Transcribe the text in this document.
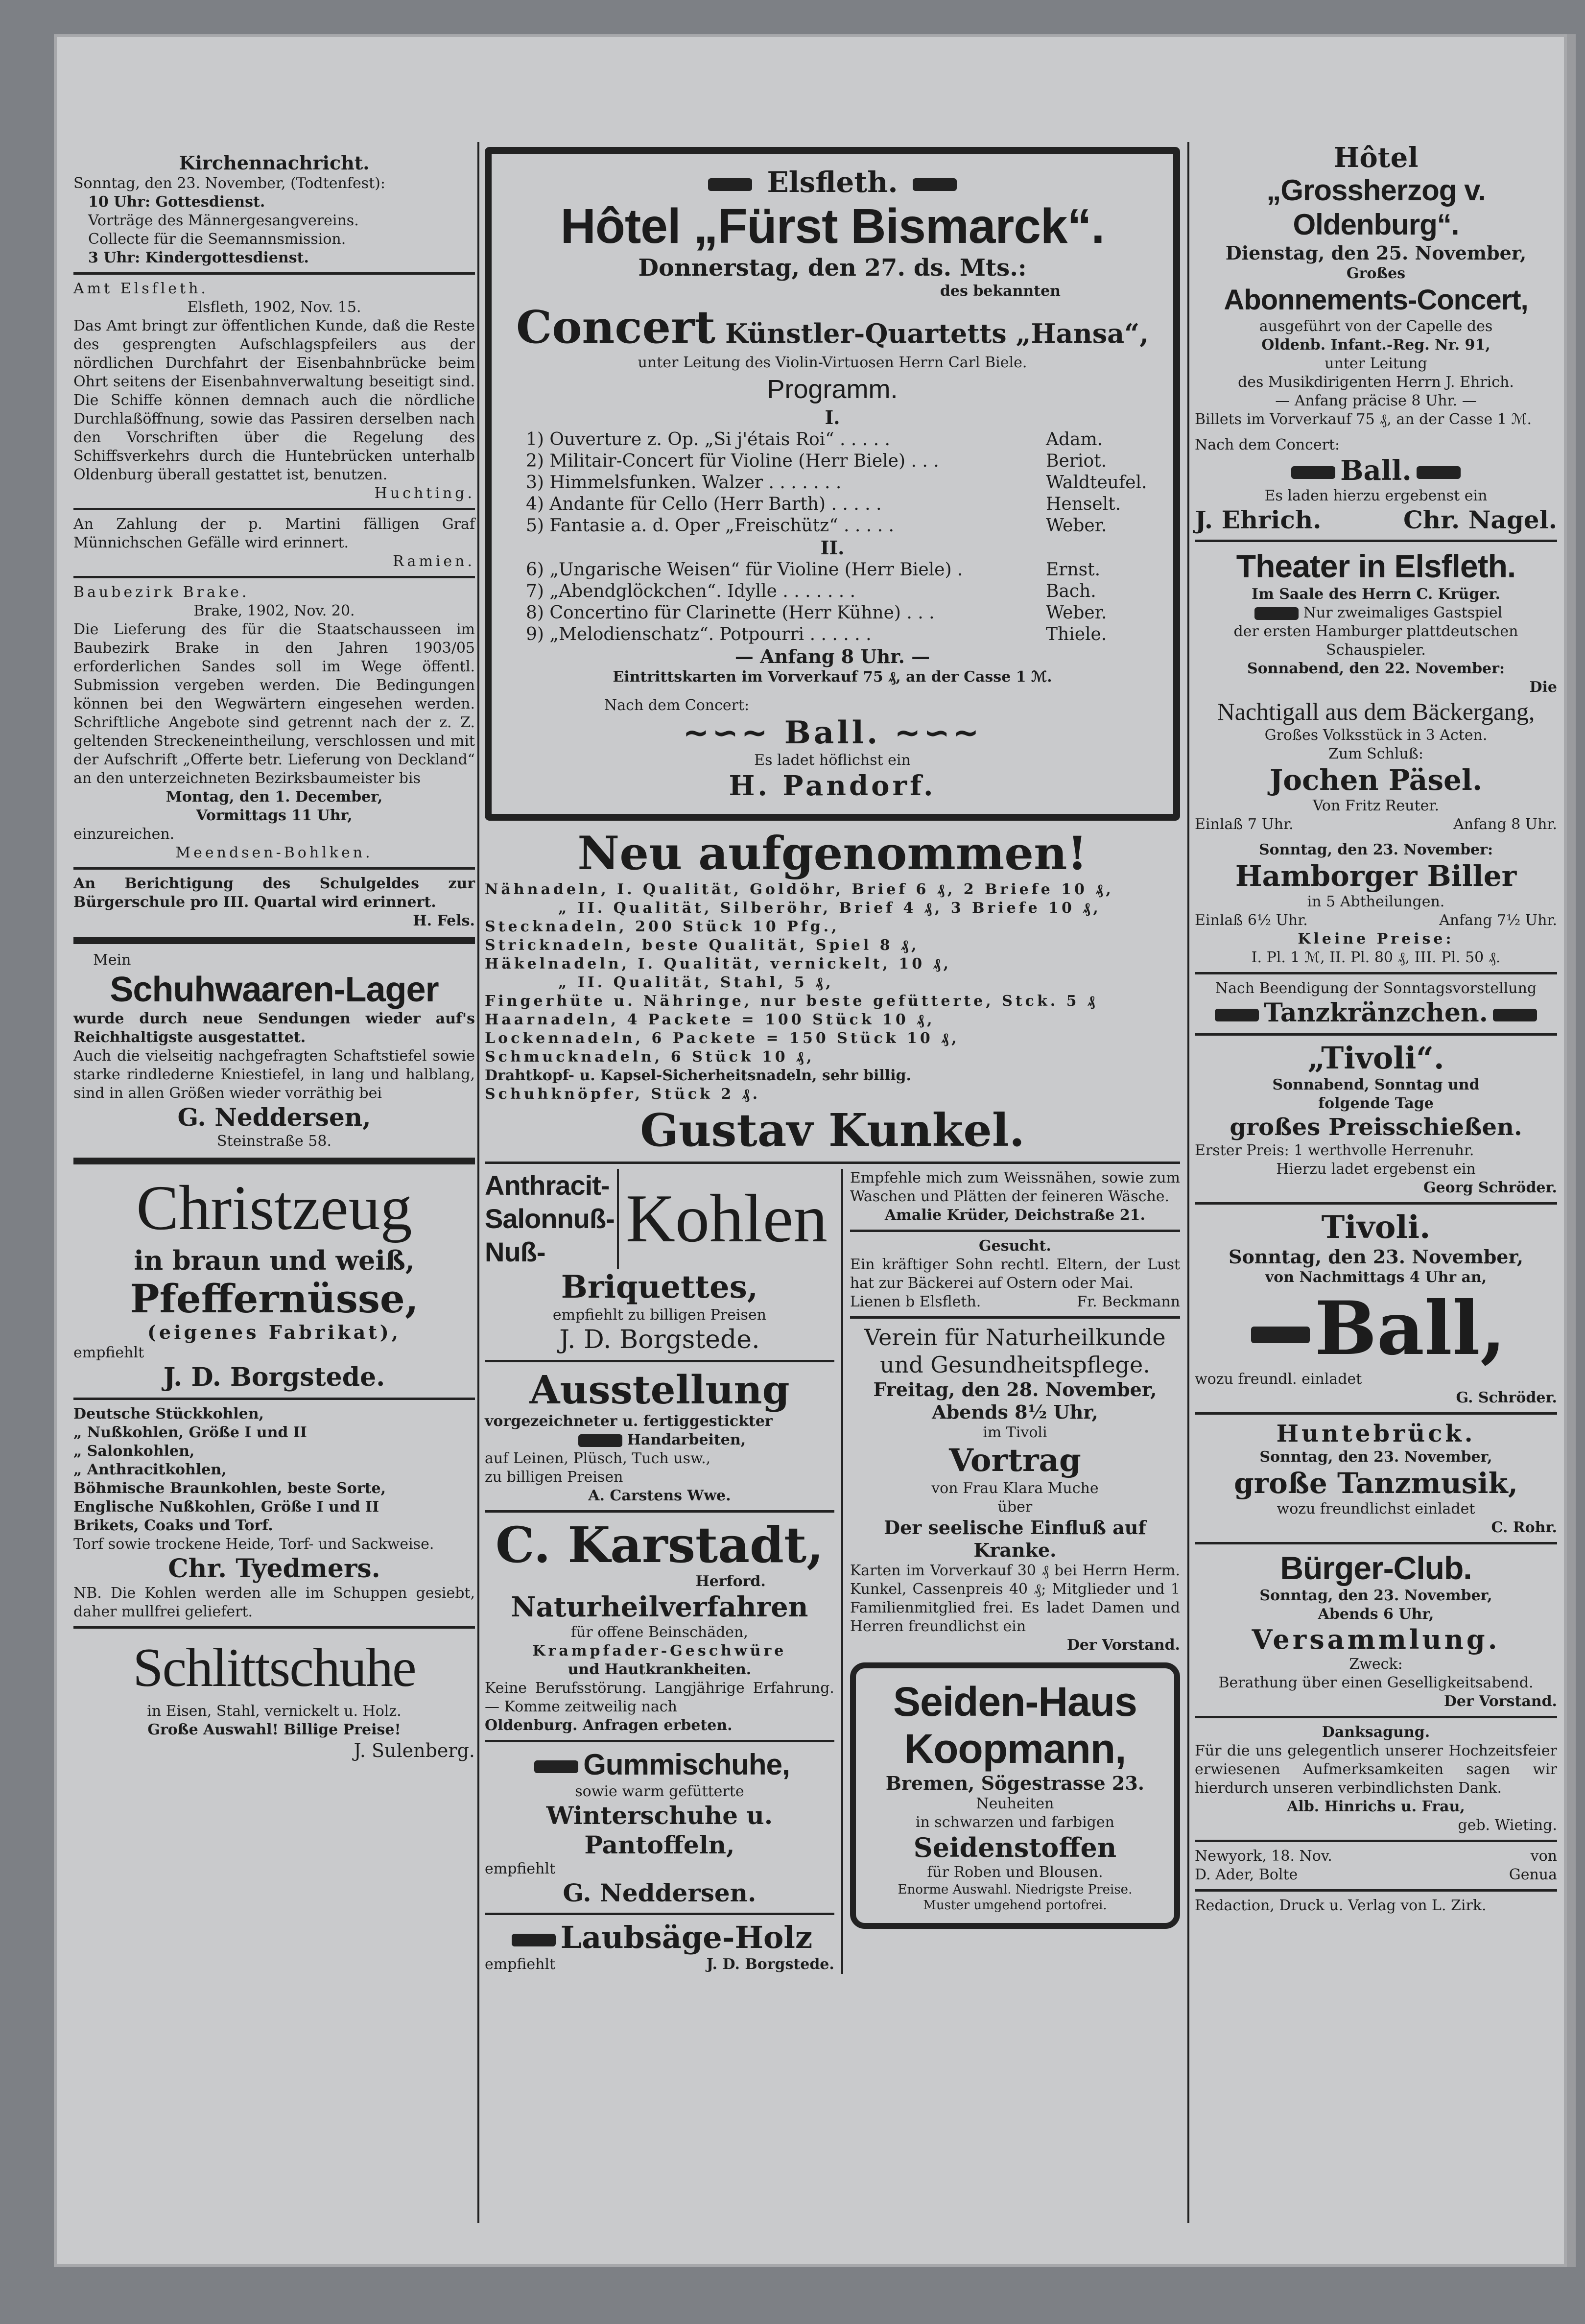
Kirchennachricht.
Sonntag, den 23. November, (Todtenfest):
10 Uhr: Gottesdienst.
Vorträge des Männergesangvereins.
Collecte für die Seemannsmission.
3 Uhr: Kindergottesdienst.
Amt Elsfleth.
Elsfleth, 1902, Nov. 15.
Das Amt bringt zur öffentlichen Kunde, daß die Reste des gesprengten Aufschlagspfeilers aus der nördlichen Durchfahrt der Eisenbahnbrücke beim Ohrt seitens der Eisenbahnverwaltung beseitigt sind. Die Schiffe können demnach auch die nördliche Durchlaßöffnung, sowie das Passiren derselben nach den Vorschriften über die Regelung des Schiffsverkehrs durch die Huntebrücken unterhalb Oldenburg überall gestattet ist, benutzen.
Huchting.
An Zahlung der p. Martini fälligen Graf Münnichschen Gefälle wird erinnert.
Ramien.
Baubezirk Brake.
Brake, 1902, Nov. 20.
Die Lieferung des für die Staatschausseen im Baubezirk Brake in den Jahren 1903/05 erforderlichen Sandes soll im Wege öffentl. Submission vergeben werden. Die Bedingungen können bei den Wegwärtern eingesehen werden. Schriftliche Angebote sind getrennt nach der z. Z. geltenden Streckeneintheilung, verschlossen und mit der Aufschrift „Offerte betr. Lieferung von Deckland“ an den unterzeichneten Bezirksbaumeister bis
Montag, den 1. December,
Vormittags 11 Uhr,
einzureichen.
Meendsen-Bohlken.
An Berichtigung des Schulgeldes zur Bürgerschule pro III. Quartal wird erinnert.
H. Fels.
Mein
Schuhwaaren-Lager
wurde durch neue Sendungen wieder auf's Reichhaltigste ausgestattet.
Auch die vielseitig nachgefragten Schaftstiefel sowie starke rindlederne Kniestiefel, in lang und halblang, sind in allen Größen wieder vorräthig bei
G. Neddersen,
Steinstraße 58.
Christzeug
in braun und weiß,
Pfeffernüsse,
(eigenes Fabrikat),
empfiehlt
J. D. Borgstede.
Deutsche Stückkohlen,
„ Nußkohlen, Größe I und II
„ Salonkohlen,
„ Anthracitkohlen,
Böhmische Braunkohlen, beste Sorte,
Englische Nußkohlen, Größe I und II
Brikets, Coaks und Torf.
Torf sowie trockene Heide, Torf- und Sackweise.
Chr. Tyedmers.
NB. Die Kohlen werden alle im Schuppen gesiebt, daher mullfrei geliefert.
Schlittschuhe
in Eisen, Stahl, vernickelt u. Holz.
Große Auswahl! Billige Preise!
J. Sulenberg.
Elsfleth.
Hôtel „Fürst Bismarck“.
Donnerstag, den 27. ds. Mts.:
des bekannten
Concert Künstler-Quartetts „Hansa“,
unter Leitung des Violin-Virtuosen Herrn Carl Biele.
Programm.
I.
1) Ouverture z. Op. „Si j'étais Roi“ . . . . .	Adam.
2) Militair-Concert für Violine (Herr Biele) . . .	Beriot.
3) Himmelsfunken. Walzer . . . . . . .	Waldteufel.
4) Andante für Cello (Herr Barth) . . . . .	Henselt.
5) Fantasie a. d. Oper „Freischütz“ . . . . .	Weber.
II.
6) „Ungarische Weisen“ für Violine (Herr Biele) .	Ernst.
7) „Abendglöckchen“. Idylle . . . . . . .	Bach.
8) Concertino für Clarinette (Herr Kühne) . . .	Weber.
9) „Melodienschatz“. Potpourri . . . . . .	Thiele.
— Anfang 8 Uhr. —
Eintrittskarten im Vorverkauf 75 ₰, an der Casse 1 ℳ.
Nach dem Concert:
~∽~ Ball. ~∽~
Es ladet höflichst ein
H. Pandorf.
Neu aufgenommen!
Nähnadeln, I. Qualität, Goldöhr, Brief 6 ₰, 2 Briefe 10 ₰,
„ II. Qualität, Silberöhr, Brief 4 ₰, 3 Briefe 10 ₰,
Stecknadeln, 200 Stück 10 Pfg.,
Stricknadeln, beste Qualität, Spiel 8 ₰,
Häkelnadeln, I. Qualität, vernickelt, 10 ₰,
„ II. Qualität, Stahl, 5 ₰,
Fingerhüte u. Nähringe, nur beste gefütterte, Stck. 5 ₰
Haarnadeln, 4 Packete = 100 Stück 10 ₰,
Lockennadeln, 6 Packete = 150 Stück 10 ₰,
Schmucknadeln, 6 Stück 10 ₰,
Drahtkopf- u. Kapsel-Sicherheitsnadeln, sehr billig.
Schuhknöpfer, Stück 2 ₰.
Gustav Kunkel.
Anthracit-
Salonnuß-
Nuß-	Kohlen
Briquettes,
empfiehlt zu billigen Preisen
J. D. Borgstede.
Ausstellung
vorgezeichneter u. fertiggestickter
Handarbeiten,
auf Leinen, Plüsch, Tuch usw.,
zu billigen Preisen
A. Carstens Wwe.
C. Karstadt,
Herford.
Naturheilverfahren
für offene Beinschäden,
Krampfader-Geschwüre
und Hautkrankheiten.
Keine Berufsstörung. Langjährige Erfahrung. — Komme zeitweilig nach
Oldenburg. Anfragen erbeten.
Gummischuhe,
sowie warm gefütterte
Winterschuhe u. Pantoffeln,
empfiehlt
G. Neddersen.
Laubsäge-Holz
empfiehlt	J. D. Borgstede.
Empfehle mich zum Weissnähen, sowie zum Waschen und Plätten der feineren Wäsche.
Amalie Krüder, Deichstraße 21.
Gesucht.
Ein kräftiger Sohn rechtl. Eltern, der Lust hat zur Bäckerei auf Ostern oder Mai.
Lienen b Elsfleth.	Fr. Beckmann
Verein für Naturheilkunde
und Gesundheitspflege.
Freitag, den 28. November,
Abends 8½ Uhr,
im Tivoli
Vortrag
von Frau Klara Muche
über
Der seelische Einfluß auf Kranke.
Karten im Vorverkauf 30 ₰ bei Herrn Herm. Kunkel, Cassenpreis 40 ₰; Mitglieder und 1 Familienmitglied frei. Es ladet Damen und Herren freundlichst ein
Der Vorstand.
Seiden-Haus
Koopmann,
Bremen, Sögestrasse 23.
Neuheiten
in schwarzen und farbigen
Seidenstoffen
für Roben und Blousen.
Enorme Auswahl. Niedrigste Preise.
Muster umgehend portofrei.
Hôtel
„Grossherzog v. Oldenburg“.
Dienstag, den 25. November,
Großes
Abonnements-Concert,
ausgeführt von der Capelle des
Oldenb. Infant.-Reg. Nr. 91,
unter Leitung
des Musikdirigenten Herrn J. Ehrich.
— Anfang präcise 8 Uhr. —
Billets im Vorverkauf 75 ₰, an der Casse 1 ℳ.
Nach dem Concert:
Ball.
Es laden hierzu ergebenst ein
J. Ehrich.	Chr. Nagel.
Theater in Elsfleth.
Im Saale des Herrn C. Krüger.
Nur zweimaliges Gastspiel
der ersten Hamburger plattdeutschen Schauspieler.
Sonnabend, den 22. November:
Die
Nachtigall aus dem Bäckergang,
Großes Volksstück in 3 Acten.
Zum Schluß:
Jochen Päsel.
Von Fritz Reuter.
Einlaß 7 Uhr.	Anfang 8 Uhr.
Sonntag, den 23. November:
Hamborger Biller
in 5 Abtheilungen.
Einlaß 6½ Uhr.	Anfang 7½ Uhr.
Kleine Preise:
I. Pl. 1 ℳ, II. Pl. 80 ₰, III. Pl. 50 ₰.
Nach Beendigung der Sonntagsvorstellung
Tanzkränzchen.
„Tivoli“.
Sonnabend, Sonntag und
folgende Tage
großes Preisschießen.
Erster Preis: 1 werthvolle Herrenuhr.
Hierzu ladet ergebenst ein
Georg Schröder.
Tivoli.
Sonntag, den 23. November,
von Nachmittags 4 Uhr an,
Ball,
wozu freundl. einladet
G. Schröder.
Huntebrück.
Sonntag, den 23. November,
große Tanzmusik,
wozu freundlichst einladet
C. Rohr.
Bürger-Club.
Sonntag, den 23. November,
Abends 6 Uhr,
Versammlung.
Zweck:
Berathung über einen Geselligkeitsabend.
Der Vorstand.
Danksagung.
Für die uns gelegentlich unserer Hochzeitsfeier erwiesenen Aufmerksamkeiten sagen wir hierdurch unseren verbindlichsten Dank.
Alb. Hinrichs u. Frau,
geb. Wieting.
Newyork, 18. Nov.	von
D. Ader, Bolte	Genua
Redaction, Druck u. Verlag von L. Zirk.
